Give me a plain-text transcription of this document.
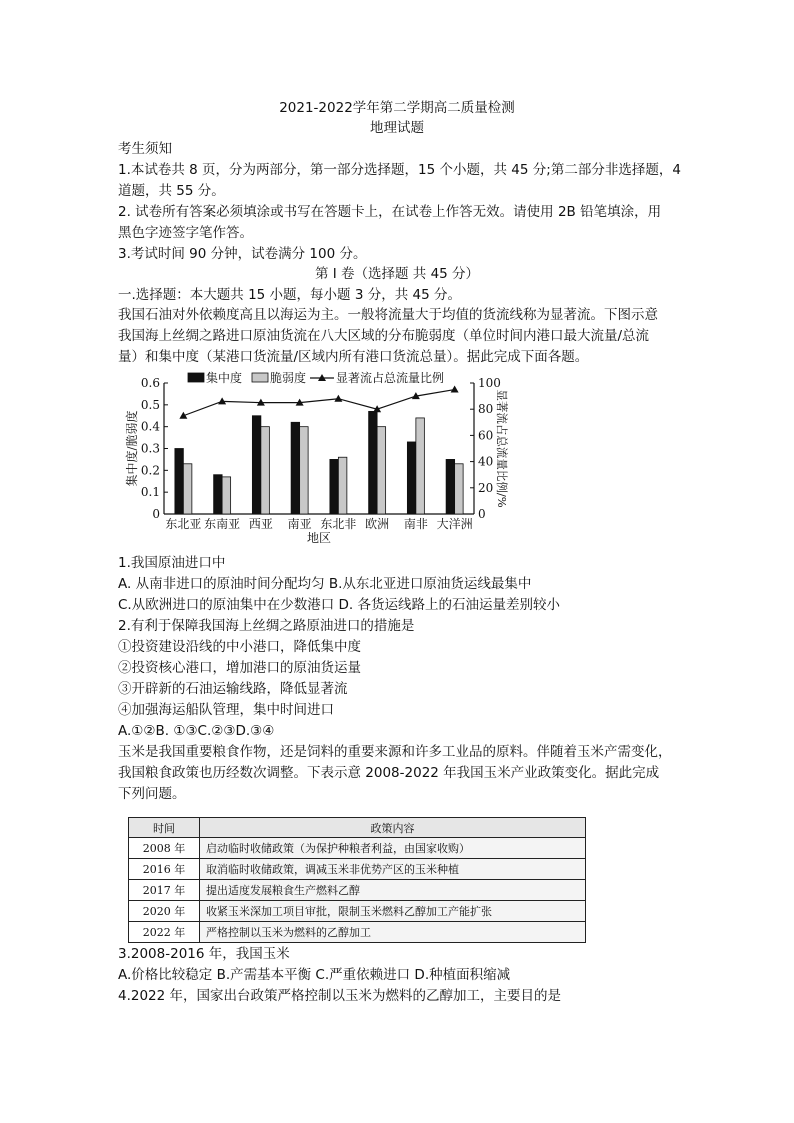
2021-2022学年第二学期高二质量检测
地理试题
考生须知
1.本试卷共 8 页，分为两部分，第一部分选择题，15 个小题，共 45 分;第二部分非选择题，4
道题，共 55 分。
2. 试卷所有答案必须填涂或书写在答题卡上，在试卷上作答无效。请使用 2B 铅笔填涂，用
黑色字迹签字笔作答。
3.考试时间 90 分钟，试卷满分 100 分。
第 I 卷（选择题 共 45 分）
一.选择题：本大题共 15 小题，每小题 3 分，共 45 分。
我国石油对外依赖度高且以海运为主。一般将流量大于均值的货流线称为显著流。下图示意
我国海上丝绸之路进口原油货流在八大区域的分布脆弱度（单位时间内港口最大流量/总流
量）和集中度（某港口货流量/区域内所有港口货流总量）。据此完成下面各题。
0
0.1
0.2
0.3
0.4
0.5
0.6
0
20
40
60
80
100
东北亚 东南亚 西亚 南亚 东北非 欧洲 南非 大洋洲
地区
集中度/脆弱度	显著流占总流量比例/%
集中度 脆弱度 显著流占总流量比例
1.我国原油进口中
A. 从南非进口的原油时间分配均匀 B.从东北亚进口原油货运线最集中
C.从欧洲进口的原油集中在少数港口 D. 各货运线路上的石油运量差别较小
2.有利于保障我国海上丝绸之路原油进口的措施是
①投资建设沿线的中小港口，降低集中度
②投资核心港口，增加港口的原油货运量
③开辟新的石油运输线路，降低显著流
④加强海运船队管理，集中时间进口
A.①②B. ①③C.②③D.③④
玉米是我国重要粮食作物，还是饲料的重要来源和许多工业品的原料。伴随着玉米产需变化，
我国粮食政策也历经数次调整。下表示意 2008-2022 年我国玉米产业政策变化。据此完成
下列问题。
时间	政策内容
2008 年	启动临时收储政策（为保护种粮者利益，由国家收购）
2016 年	取消临时收储政策，调减玉米非优势产区的玉米种植
2017 年	提出适度发展粮食生产燃料乙醇
2020 年	收紧玉米深加工项目审批，限制玉米燃料乙醇加工产能扩张
2022 年	严格控制以玉米为燃料的乙醇加工
3.2008-2016 年，我国玉米
A.价格比较稳定 B.产需基本平衡 C.严重依赖进口 D.种植面积缩减
4.2022 年，国家出台政策严格控制以玉米为燃料的乙醇加工，主要目的是
